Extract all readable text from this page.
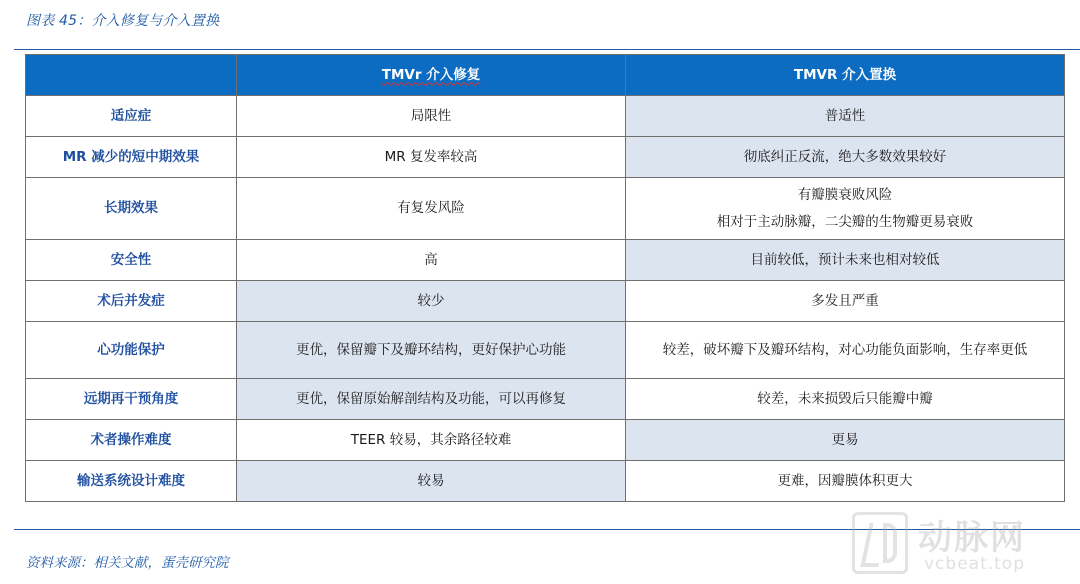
图表 45：介入修复与介入置换
	TMVr 介入修复	TMVR 介入置换
适应症	局限性	普适性
MR 减少的短中期效果	MR 复发率较高	彻底纠正反流，绝大多数效果较好
长期效果	有复发风险	有瓣膜衰败风险
相对于主动脉瓣，二尖瓣的生物瓣更易衰败

安全性	高	目前较低，预计未来也相对较低
术后并发症	较少	多发且严重
心功能保护	更优，保留瓣下及瓣环结构，更好保护心功能	较差，破坏瓣下及瓣环结构，对心功能负面影响，生存率更低
远期再干预角度	更优，保留原始解剖结构及功能，可以再修复	较差，未来损毁后只能瓣中瓣
术者操作难度	TEER 较易，其余路径较难	更易
输送系统设计难度	较易	更难，因瓣膜体积更大
资料来源：相关文献，蛋壳研究院
动脉网
vcbeat.top
